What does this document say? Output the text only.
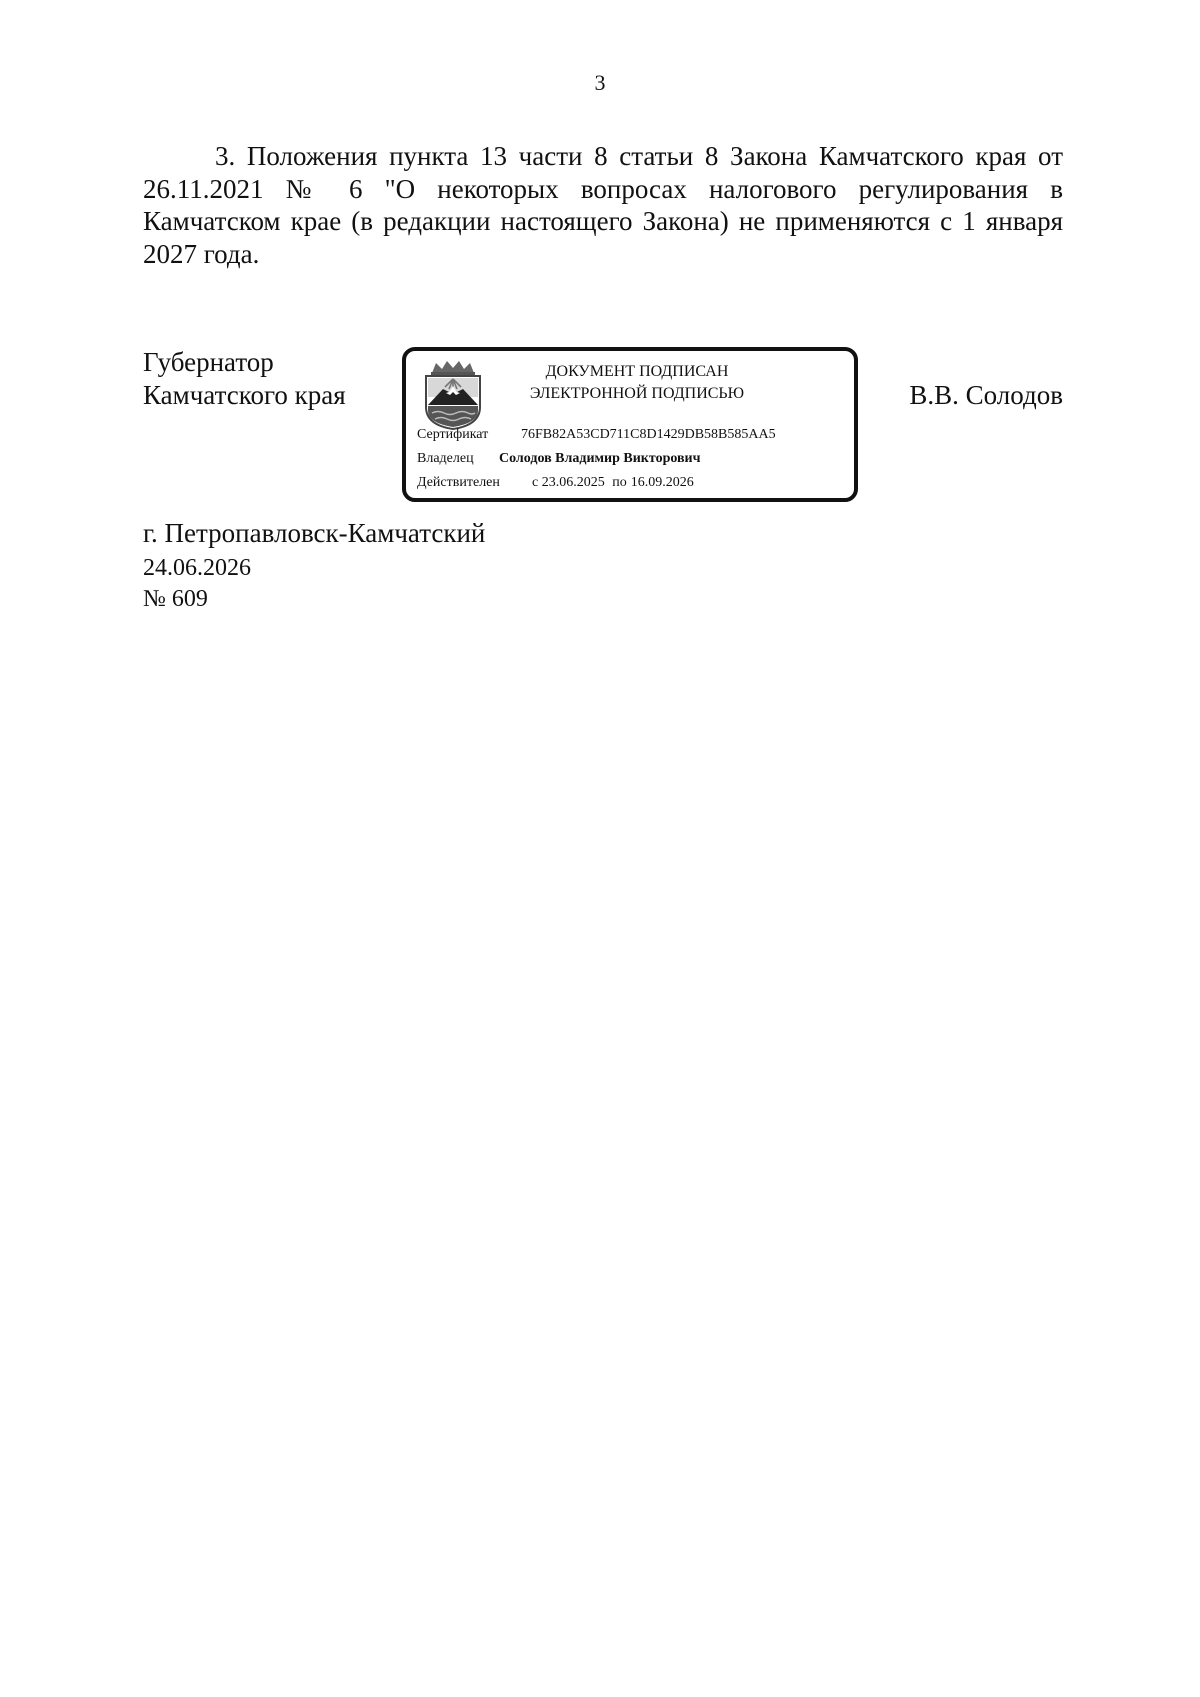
3

3. Положения пункта 13 части 8 статьи 8 Закона Камчатского края от 26.11.2021 № 6 "О некоторых вопросах налогового регулирования в Камчатском крае (в редакции настоящего Закона) не применяются с 1 января 2027 года.

Губернатор
Камчатского края
ДОКУМЕНТ ПОДПИСАН
ЭЛЕКТРОННОЙ ПОДПИСЬЮ
Сертификат 76FB82A53CD711C8D1429DB58B585AA5
Владелец Солодов Владимир Викторович
Действителен с 23.06.2025 по 16.09.2026
В.В. Солодов
г. Петропавловск-Камчатский
24.06.2026
№ 609
